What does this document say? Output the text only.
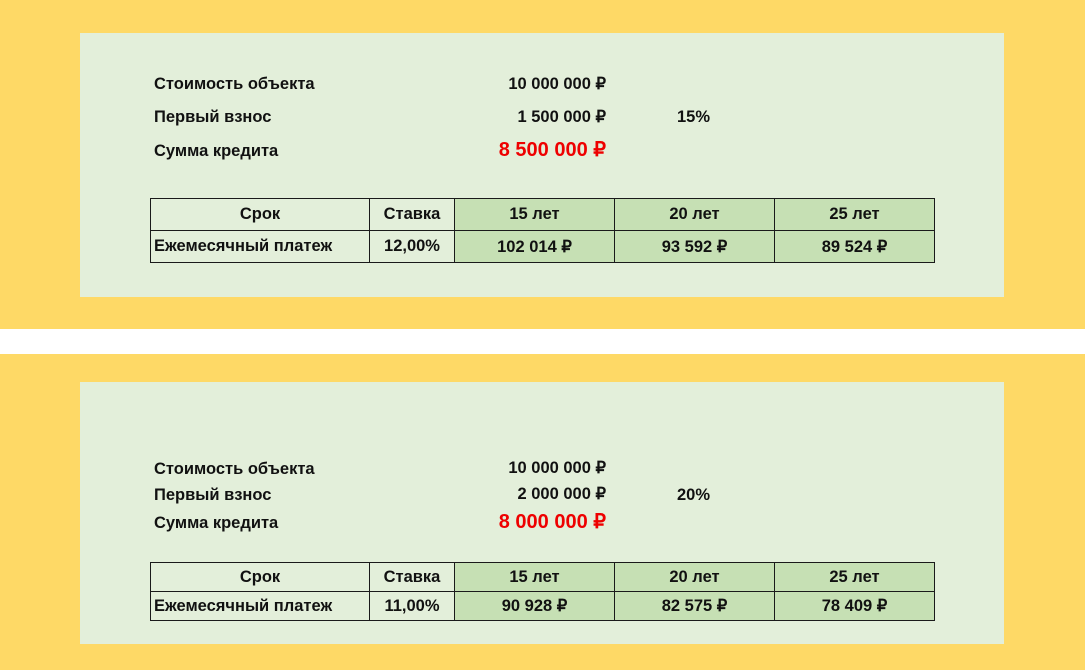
Стоимость объекта	10 000 000 ₽
Первый взнос	1 500 000 ₽	15%
Сумма кредита	8 500 000 ₽
Срок	Ставка	15 лет	20 лет	25 лет
Ежемесячный платеж	12,00%	102 014 ₽	93 592 ₽	89 524 ₽
Стоимость объекта	10 000 000 ₽
Первый взнос	2 000 000 ₽	20%
Сумма кредита	8 000 000 ₽
Срок	Ставка	15 лет	20 лет	25 лет
Ежемесячный платеж	11,00%	90 928 ₽	82 575 ₽	78 409 ₽
